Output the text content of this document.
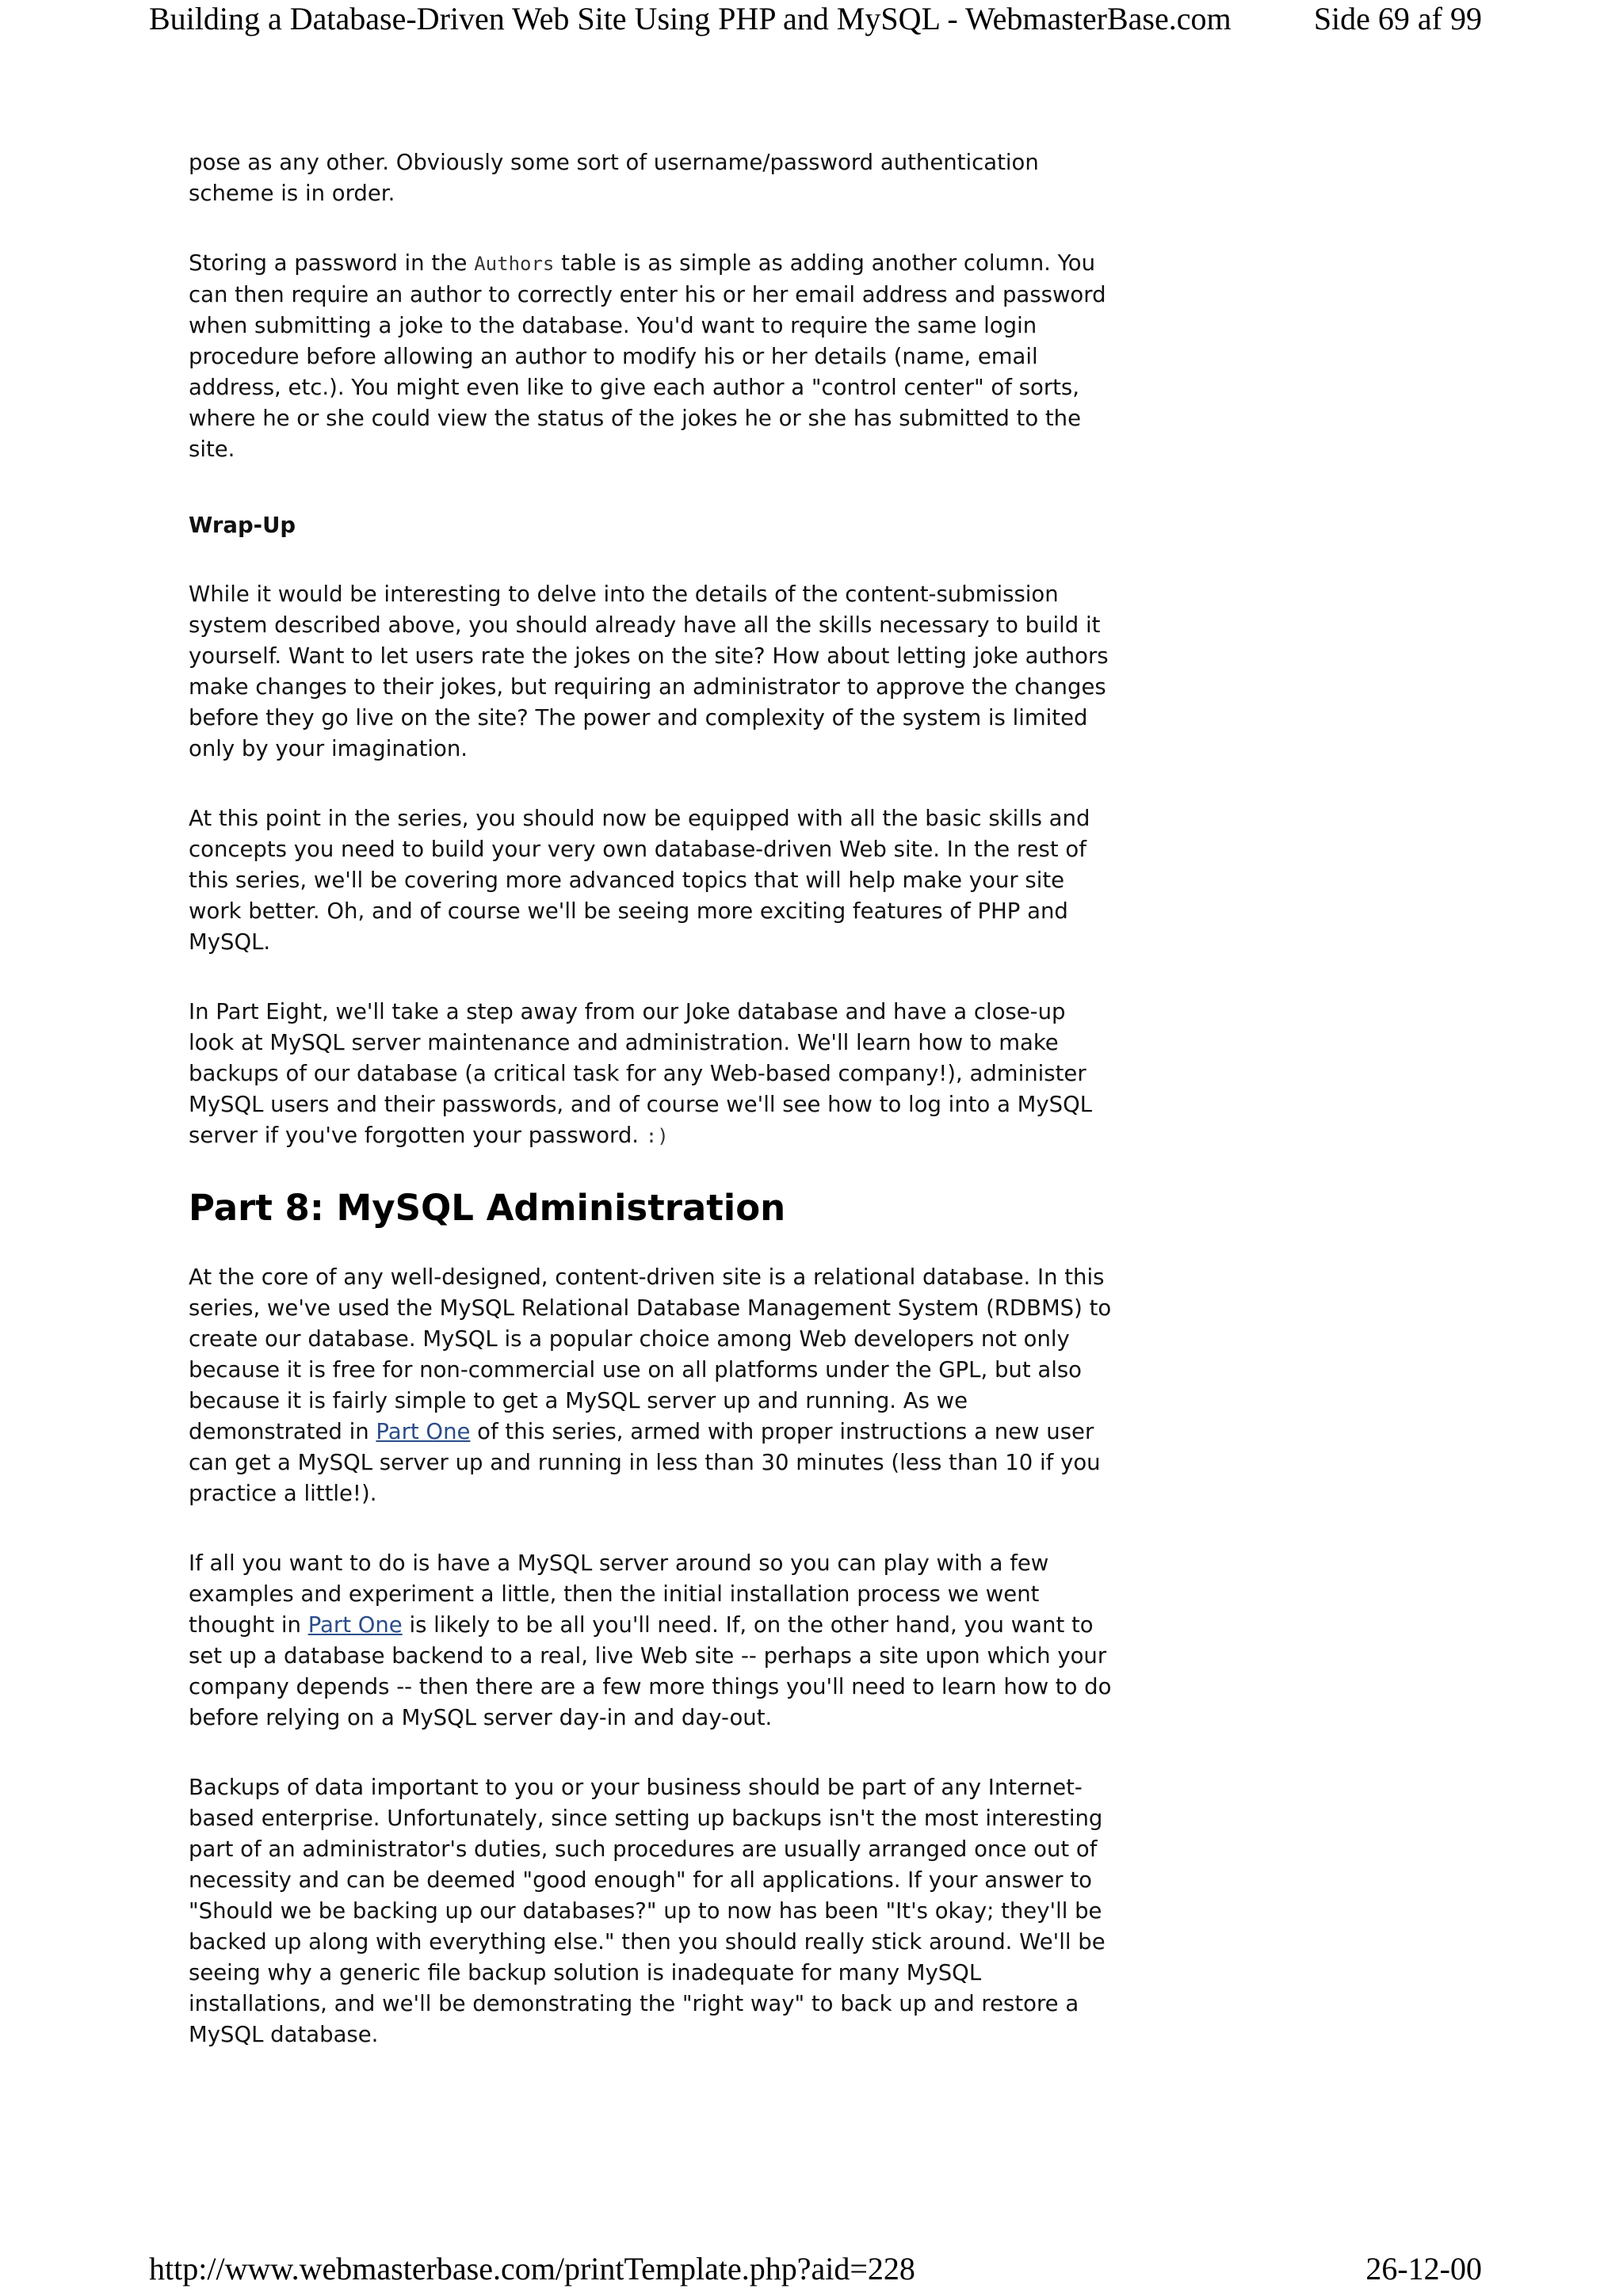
Building a Database-Driven Web Site Using PHP and MySQL - WebmasterBase.com	Side 69 af 99

pose as any other. Obviously some sort of username/password authentication scheme is in order.

Storing a password in the Authors table is as simple as adding another column. You can then require an author to correctly enter his or her email address and password when submitting a joke to the database. You'd want to require the same login procedure before allowing an author to modify his or her details (name, email address, etc.). You might even like to give each author a "control center" of sorts, where he or she could view the status of the jokes he or she has submitted to the site.

Wrap-Up

While it would be interesting to delve into the details of the content-submission system described above, you should already have all the skills necessary to build it yourself. Want to let users rate the jokes on the site? How about letting joke authors make changes to their jokes, but requiring an administrator to approve the changes before they go live on the site? The power and complexity of the system is limited only by your imagination.

At this point in the series, you should now be equipped with all the basic skills and concepts you need to build your very own database-driven Web site. In the rest of this series, we'll be covering more advanced topics that will help make your site work better. Oh, and of course we'll be seeing more exciting features of PHP and MySQL.

In Part Eight, we'll take a step away from our Joke database and have a close-up look at MySQL server maintenance and administration. We'll learn how to make backups of our database (a critical task for any Web-based company!), administer MySQL users and their passwords, and of course we'll see how to log into a MySQL server if you've forgotten your password. :)

Part 8: MySQL Administration

At the core of any well-designed, content-driven site is a relational database. In this series, we've used the MySQL Relational Database Management System (RDBMS) to create our database. MySQL is a popular choice among Web developers not only because it is free for non-commercial use on all platforms under the GPL, but also because it is fairly simple to get a MySQL server up and running. As we demonstrated in Part One of this series, armed with proper instructions a new user can get a MySQL server up and running in less than 30 minutes (less than 10 if you practice a little!).

If all you want to do is have a MySQL server around so you can play with a few examples and experiment a little, then the initial installation process we went thought in Part One is likely to be all you'll need. If, on the other hand, you want to set up a database backend to a real, live Web site -- perhaps a site upon which your company depends -- then there are a few more things you'll need to learn how to do before relying on a MySQL server day-in and day-out.

Backups of data important to you or your business should be part of any Internet-based enterprise. Unfortunately, since setting up backups isn't the most interesting part of an administrator's duties, such procedures are usually arranged once out of necessity and can be deemed "good enough" for all applications. If your answer to "Should we be backing up our databases?" up to now has been "It's okay; they'll be backed up along with everything else." then you should really stick around. We'll be seeing why a generic file backup solution is inadequate for many MySQL installations, and we'll be demonstrating the "right way" to back up and restore a MySQL database.

http://www.webmasterbase.com/printTemplate.php?aid=228	26-12-00
